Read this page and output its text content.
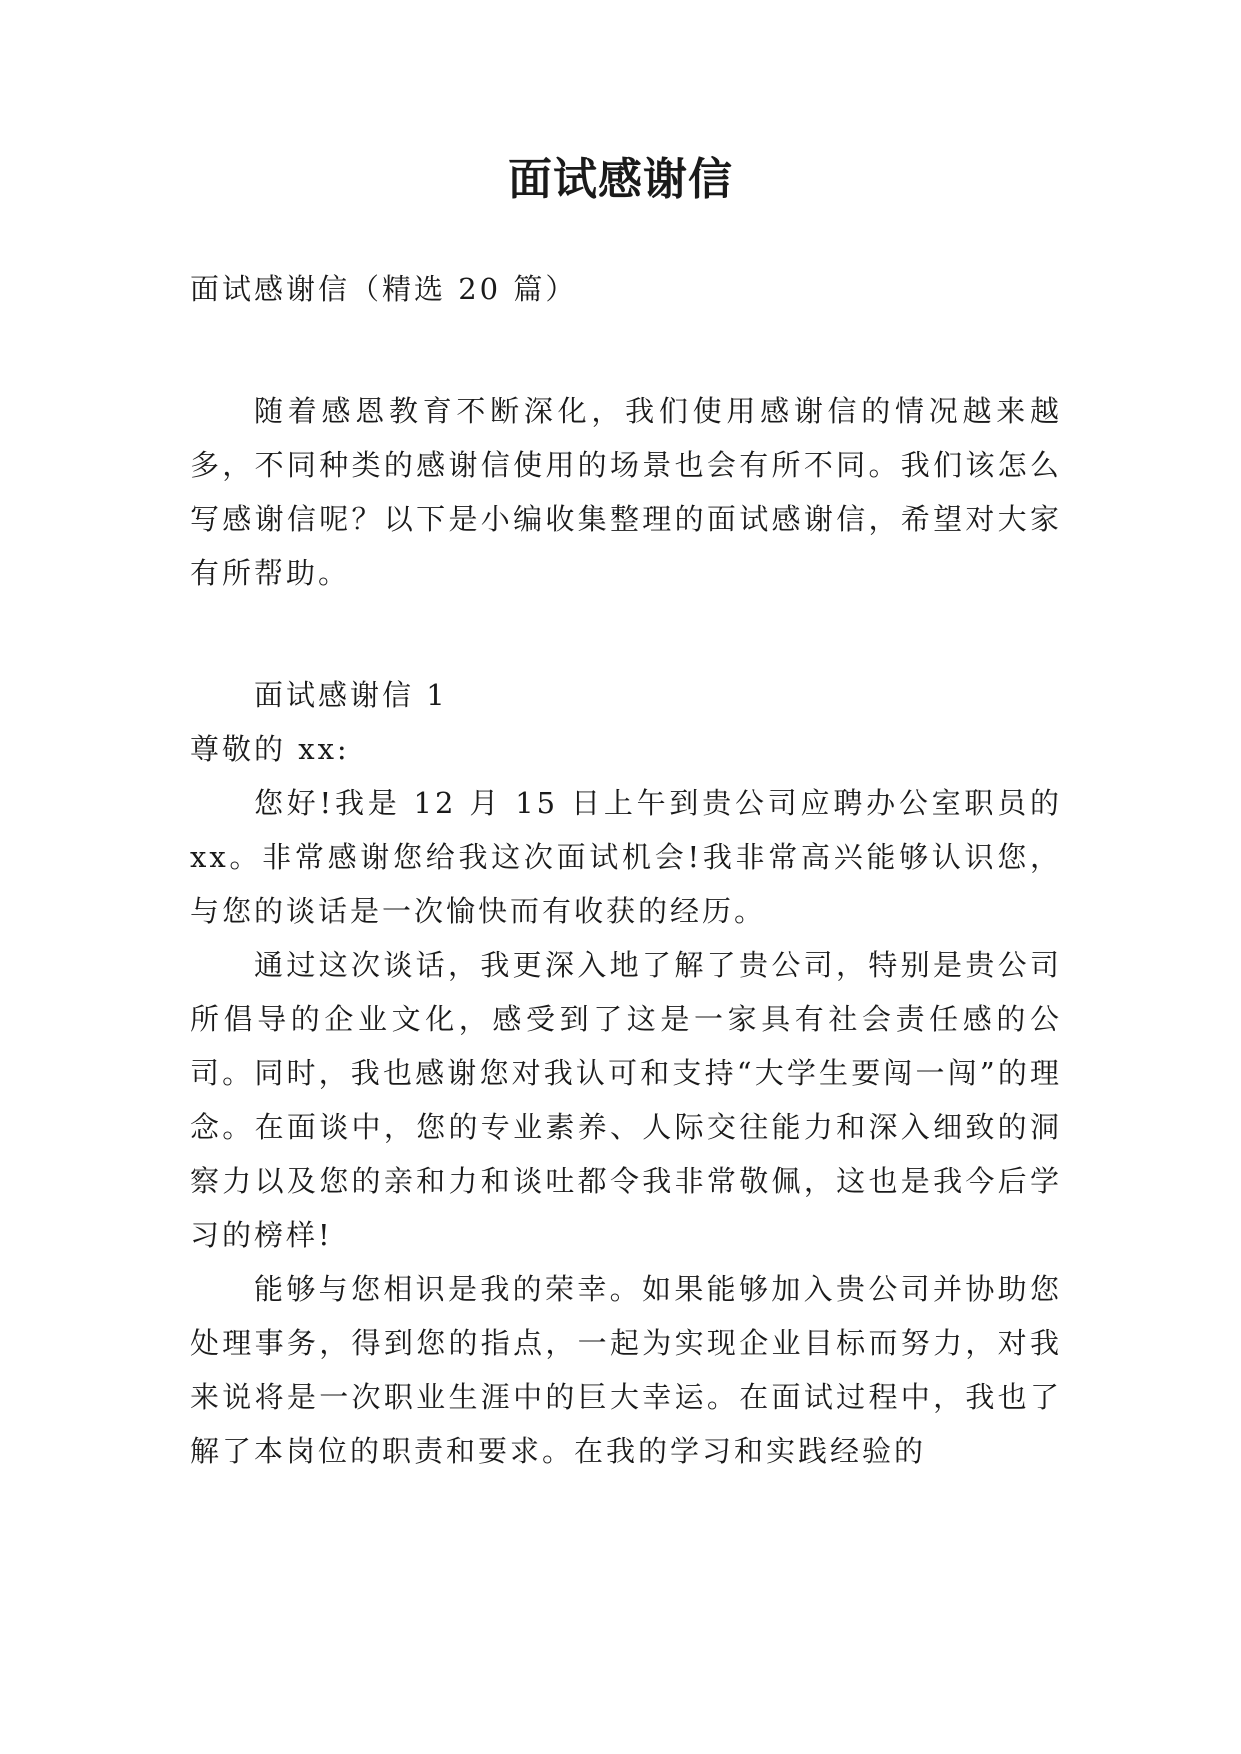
面试感谢信

面试感谢信（精选 20 篇）

随着感恩教育不断深化，我们使用感谢信的情况越来越多，不同种类的感谢信使用的场景也会有所不同。我们该怎么写感谢信呢？以下是小编收集整理的面试感谢信，希望对大家有所帮助。

面试感谢信 1

尊敬的 xx:

您好!我是 12 月 15 日上午到贵公司应聘办公室职员的xx。非常感谢您给我这次面试机会!我非常高兴能够认识您，与您的谈话是一次愉快而有收获的经历。

通过这次谈话，我更深入地了解了贵公司，特别是贵公司所倡导的企业文化，感受到了这是一家具有社会责任感的公司。同时，我也感谢您对我认可和支持“大学生要闯一闯”的理念。在面谈中，您的专业素养、人际交往能力和深入细致的洞察力以及您的亲和力和谈吐都令我非常敬佩，这也是我今后学习的榜样!

能够与您相识是我的荣幸。如果能够加入贵公司并协助您处理事务，得到您的指点，一起为实现企业目标而努力，对我来说将是一次职业生涯中的巨大幸运。在面试过程中，我也了解了本岗位的职责和要求。在我的学习和实践经验的
